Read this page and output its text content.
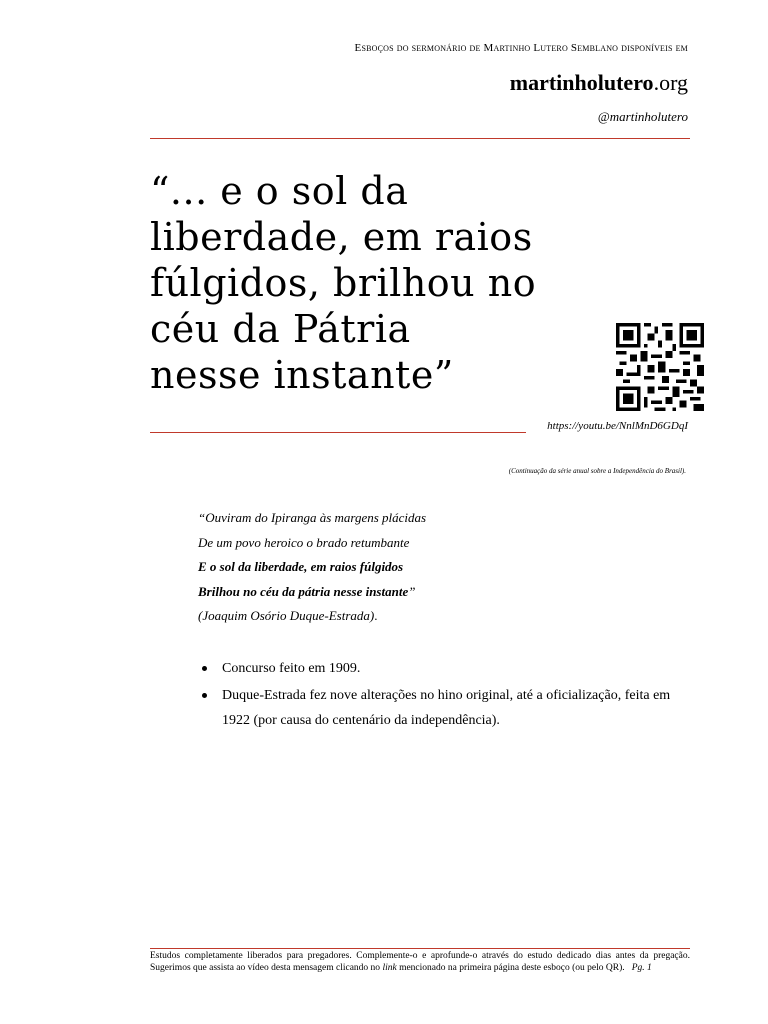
Esboços do sermonário de Martinho Lutero Semblano disponíveis em
martinholutero.org
@martinholutero
“... e o sol da
liberdade, em raios
fúlgidos, brilhou no
céu da Pátria
nesse instante”
https://youtu.be/NnlMnD6GDqI
(Continuação da série anual sobre a Independência do Brasil).
“Ouviram do Ipiranga às margens plácidas
De um povo heroico o brado retumbante
E o sol da liberdade, em raios fúlgidos
Brilhou no céu da pátria nesse instante”
(Joaquim Osório Duque-Estrada).
Concurso feito em 1909.
Duque-Estrada fez nove alterações no hino original, até a oficialização, feita em 1922 (por causa do centenário da independência).
Estudos completamente liberados para pregadores. Complemente-o e aprofunde-o através do estudo dedicado dias antes da pregação. Sugerimos que assista ao vídeo desta mensagem clicando no link mencionado na primeira página deste esboço (ou pelo QR). Pg. 1
